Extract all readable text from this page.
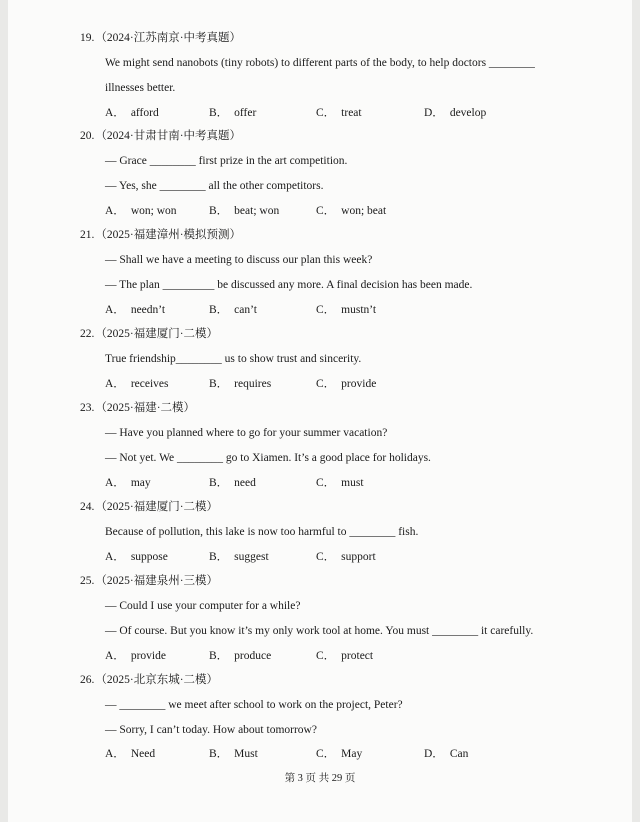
19.（2024·江苏南京·中考真题）
We might send nanobots (tiny robots) to different parts of the body, to help doctors ________
illnesses better.
A． afford	B． offer	C． treat	D． develop
20.（2024·甘肃甘南·中考真题）
— Grace ________ first prize in the art competition.
— Yes, she ________ all the other competitors.
A． won; won	B． beat; won	C． won; beat
21.（2025·福建漳州·模拟预测）
— Shall we have a meeting to discuss our plan this week?
— The plan _________ be discussed any more. A final decision has been made.
A． needn’t	B． can’t	C． mustn’t
22.（2025·福建厦门·二模）
True friendship________ us to show trust and sincerity.
A． receives	B． requires	C． provide
23.（2025·福建·二模）
— Have you planned where to go for your summer vacation?
— Not yet. We ________ go to Xiamen. It’s a good place for holidays.
A． may	B． need	C． must
24.（2025·福建厦门·二模）
Because of pollution, this lake is now too harmful to ________ fish.
A． suppose	B． suggest	C． support
25.（2025·福建泉州·三模）
— Could I use your computer for a while?
— Of course. But you know it’s my only work tool at home. You must ________ it carefully.
A． provide	B． produce	C． protect
26.（2025·北京东城·二模）
— ________ we meet after school to work on the project, Peter?
— Sorry, I can’t today. How about tomorrow?
A． Need	B． Must	C． May	D． Can
第 3 页 共 29 页
